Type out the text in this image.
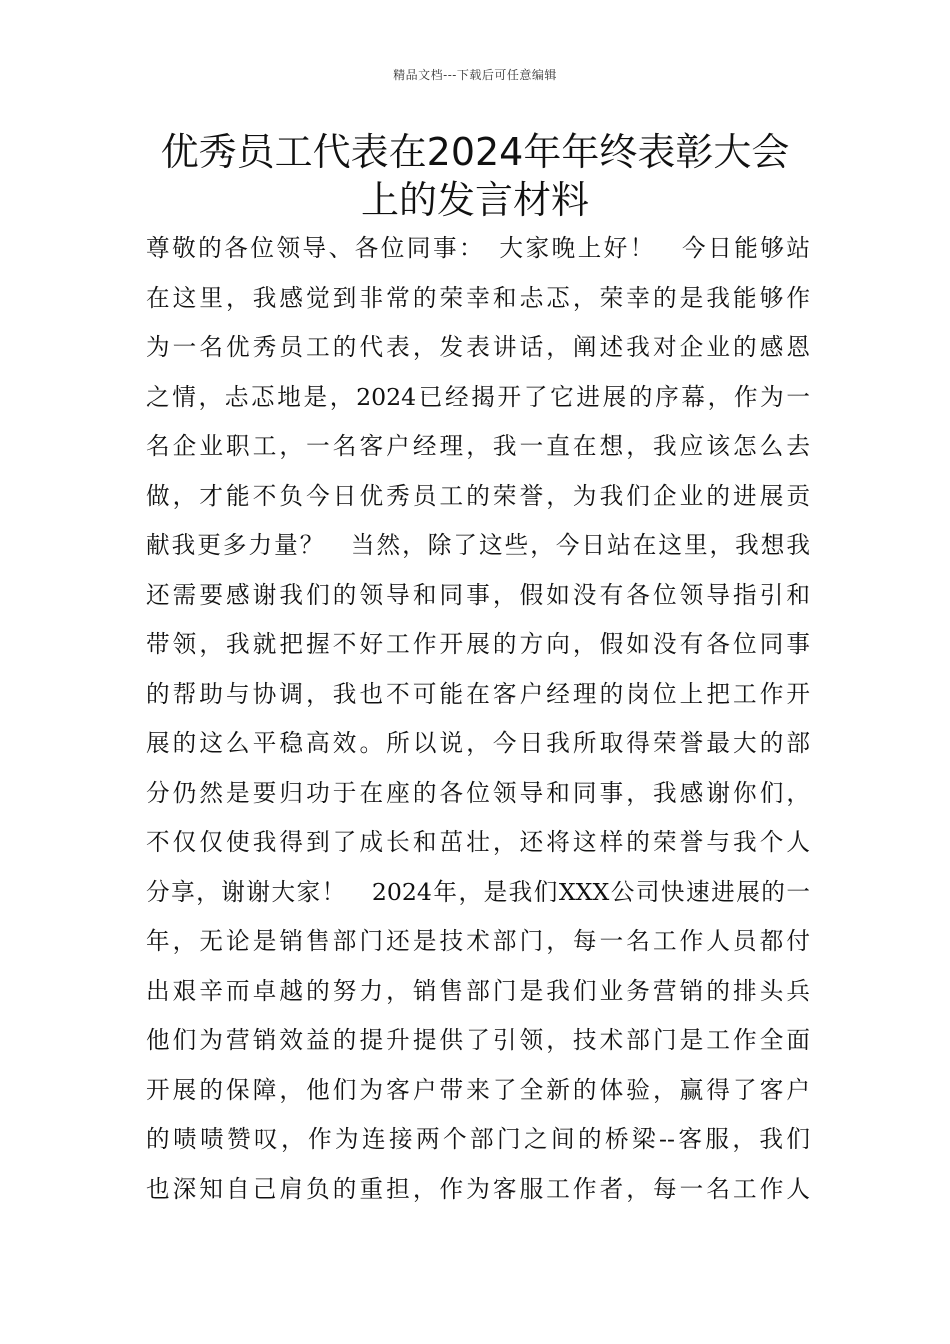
精品文档---下载后可任意编辑
优秀员工代表在2024年年终表彰大会
上的发言材料
尊敬的各位领导、各位同事：　大家晚上好！　今日能够站
在这里，我感觉到非常的荣幸和忐忑，荣幸的是我能够作
为一名优秀员工的代表，发表讲话，阐述我对企业的感恩
之情，忐忑地是，2024已经揭开了它进展的序幕，作为一
名企业职工，一名客户经理，我一直在想，我应该怎么去
做，才能不负今日优秀员工的荣誉，为我们企业的进展贡
献我更多力量？　当然，除了这些，今日站在这里，我想我
还需要感谢我们的领导和同事，假如没有各位领导指引和
带领，我就把握不好工作开展的方向，假如没有各位同事
的帮助与协调，我也不可能在客户经理的岗位上把工作开
展的这么平稳高效。所以说，今日我所取得荣誉最大的部
分仍然是要归功于在座的各位领导和同事，我感谢你们，
不仅仅使我得到了成长和茁壮，还将这样的荣誉与我个人
分享，谢谢大家！　2024年，是我们XXX公司快速进展的一
年，无论是销售部门还是技术部门，每一名工作人员都付
出艰辛而卓越的努力，销售部门是我们业务营销的排头兵
他们为营销效益的提升提供了引领，技术部门是工作全面
开展的保障，他们为客户带来了全新的体验，赢得了客户
的啧啧赞叹，作为连接两个部门之间的桥梁--客服，我们
也深知自己肩负的重担，作为客服工作者，每一名工作人
